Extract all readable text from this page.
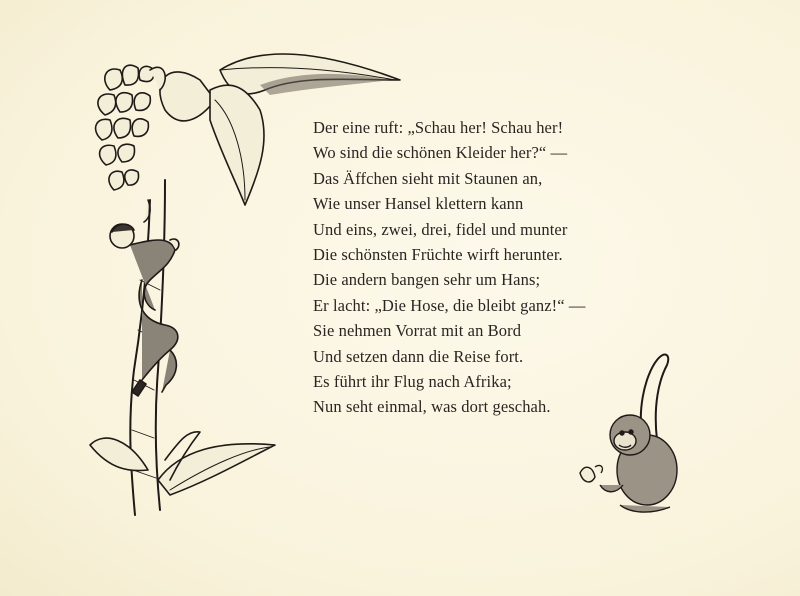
Der eine ruft: „Schau her! Schau her!
Wo sind die schönen Kleider her?“ —
Das Äffchen sieht mit Staunen an,
Wie unser Hansel klettern kann
Und eins, zwei, drei, fidel und munter
Die schönsten Früchte wirft herunter.
Die andern bangen sehr um Hans;
Er lacht: „Die Hose, die bleibt ganz!“ —
Sie nehmen Vorrat mit an Bord
Und setzen dann die Reise fort.
Es führt ihr Flug nach Afrika;
Nun seht einmal, was dort geschah.
